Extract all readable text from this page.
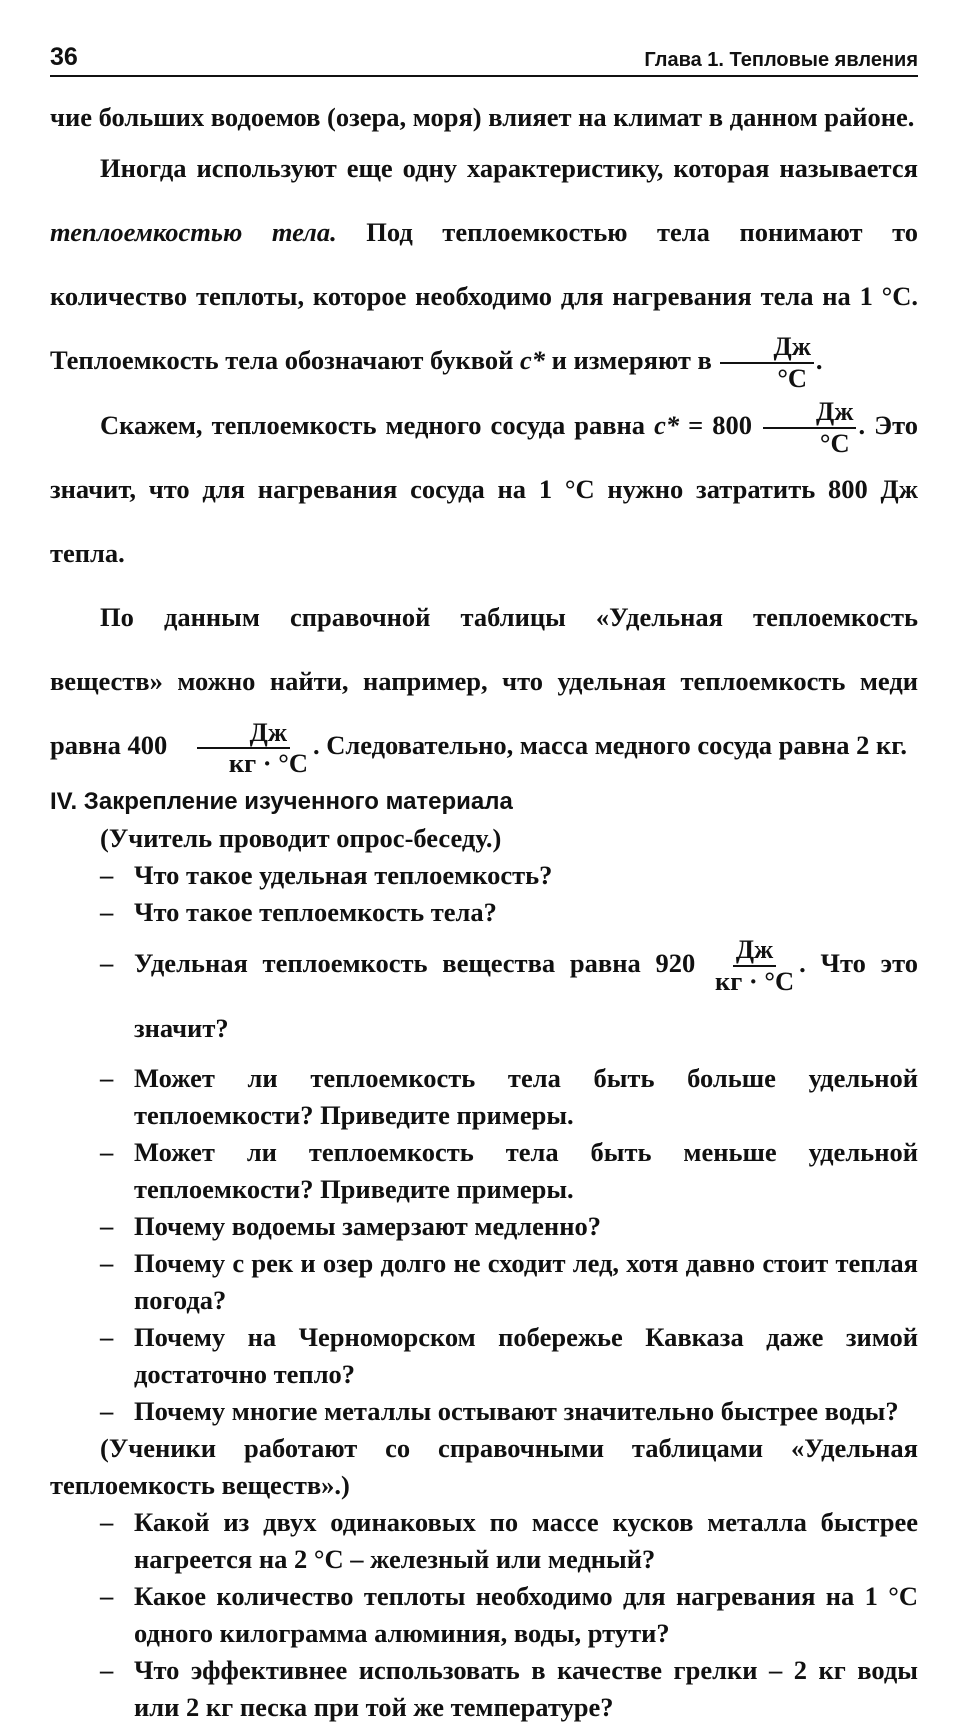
36	Глава 1. Тепловые явления

чие больших водоемов (озера, моря) влияет на климат в данном районе.

Иногда используют еще одну характеристику, которая называется теплоемкостью тела. Под теплоемкостью тела понимают то количество теплоты, которое необходимо для нагревания тела на 1 °С. Теплоемкость тела обозначают буквой c* и измеряют в $\frac{Дж}{^\circ С}$ .

Скажем, теплоемкость медного сосуда равна $c* = 800 \frac{Дж}{^\circ С}$ . Это значит, что для нагревания сосуда на 1 °С нужно затратить 800 Дж тепла.

По данным справочной таблицы «Удельная теплоемкость веществ» можно найти, например, что удельная теплоемкость меди равна $400 \frac{Дж}{кг \cdot ^\circ С}$ . Следовательно, масса медного сосуда равна 2 кг.

IV. Закрепление изученного материала

(Учитель проводит опрос-беседу.)

– Что такое удельная теплоемкость?
– Что такое теплоемкость тела?
– Удельная теплоемкость вещества равна $920 \frac{Дж}{кг \cdot ^\circ С}$ . Что это значит?
– Может ли теплоемкость тела быть больше удельной теплоемкости? Приведите примеры.
– Может ли теплоемкость тела быть меньше удельной теплоемкости? Приведите примеры.
– Почему водоемы замерзают медленно?
– Почему с рек и озер долго не сходит лед, хотя давно стоит теплая погода?
– Почему на Черноморском побережье Кавказа даже зимой достаточно тепло?
– Почему многие металлы остывают значительно быстрее воды?

(Ученики работают со справочными таблицами «Удельная теплоемкость веществ».)

– Какой из двух одинаковых по массе кусков металла быстрее нагреется на 2 °С – железный или медный?
– Какое количество теплоты необходимо для нагревания на 1 °С одного килограмма алюминия, воды, ртути?
– Что эффективнее использовать в качестве грелки – 2 кг воды или 2 кг песка при той же температуре?
